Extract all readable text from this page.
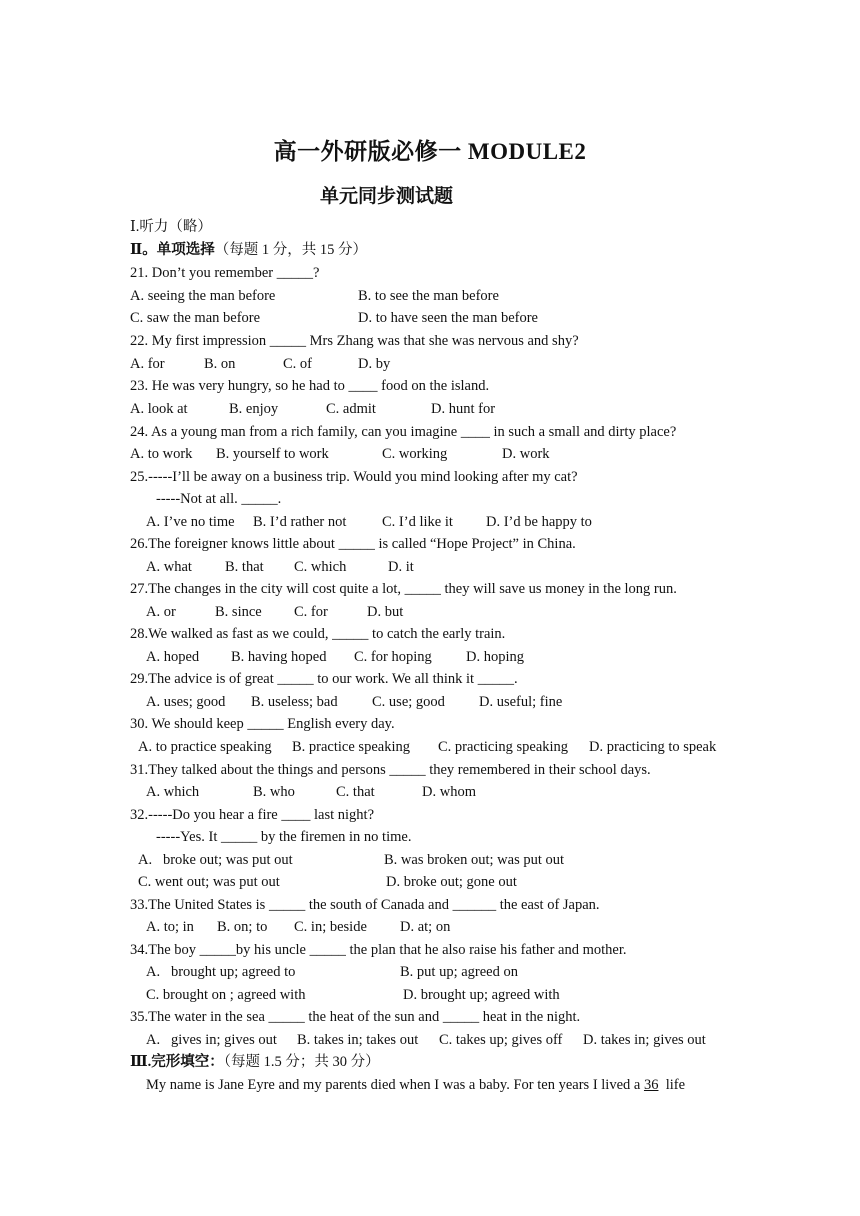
高一外研版必修一 MODULE2
单元同步测试题
Ⅰ.听力（略）
Ⅱ。单项选择（每题 1 分，共 15 分）
21. Don’t you remember _____?
A. seeing the man before	B. to see the man before
C. saw the man before	D. to have seen the man before
22. My first impression _____ Mrs Zhang was that she was nervous and shy?
A. for	B. on	C. of	D. by
23. He was very hungry, so he had to ____ food on the island.
A. look at	B. enjoy	C. admit	D. hunt for
24. As a young man from a rich family, can you imagine ____ in such a small and dirty place?
A. to work B. yourself to work	C. working	D. work
25.-----I’ll be away on a business trip. Would you mind looking after my cat?
-----Not at all. _____.
A. I’ve no time B. I’d rather not C. I’d like it D. I’d be happy to
26.The foreigner knows little about _____ is called “Hope Project” in China.
A. what B. that C. which	D. it
27.The changes in the city will cost quite a lot, _____ they will save us money in the long run.
A. or	B. since C. for	D. but
28.We walked as fast as we could, _____ to catch the early train.
A. hoped B. having hoped C. for hoping D. hoping
29.The advice is of great _____ to our work. We all think it _____.
A. uses; good B. useless; bad C. use; good D. useful; fine
30. We should keep _____ English every day.
A. to practice speaking B. practice speaking C. practicing speaking D. practicing to speak
31.They talked about the things and persons _____ they remembered in their school days.
A. which	B. who	C. that	D. whom
32.-----Do you hear a fire ____ last night?
-----Yes. It _____ by the firemen in no time.
A.   broke out; was put out	B. was broken out; was put out
C. went out; was put out	D. broke out; gone out
33.The United States is _____ the south of Canada and ______ the east of Japan.
A. to; in B. on; to C. in; beside D. at; on
34.The boy _____by his uncle _____ the plan that he also raise his father and mother.
A.   brought up; agreed to	B. put up; agreed on
C. brought on ; agreed with	D. brought up; agreed with
35.The water in the sea _____ the heat of the sun and _____ heat in the night.
A.   gives in; gives out B. takes in; takes out C. takes up; gives off D. takes in; gives out
Ⅲ.完形填空：（每题 1.5 分；共 30 分）
My name is Jane Eyre and my parents died when I was a baby. For ten years I lived a 36  life
